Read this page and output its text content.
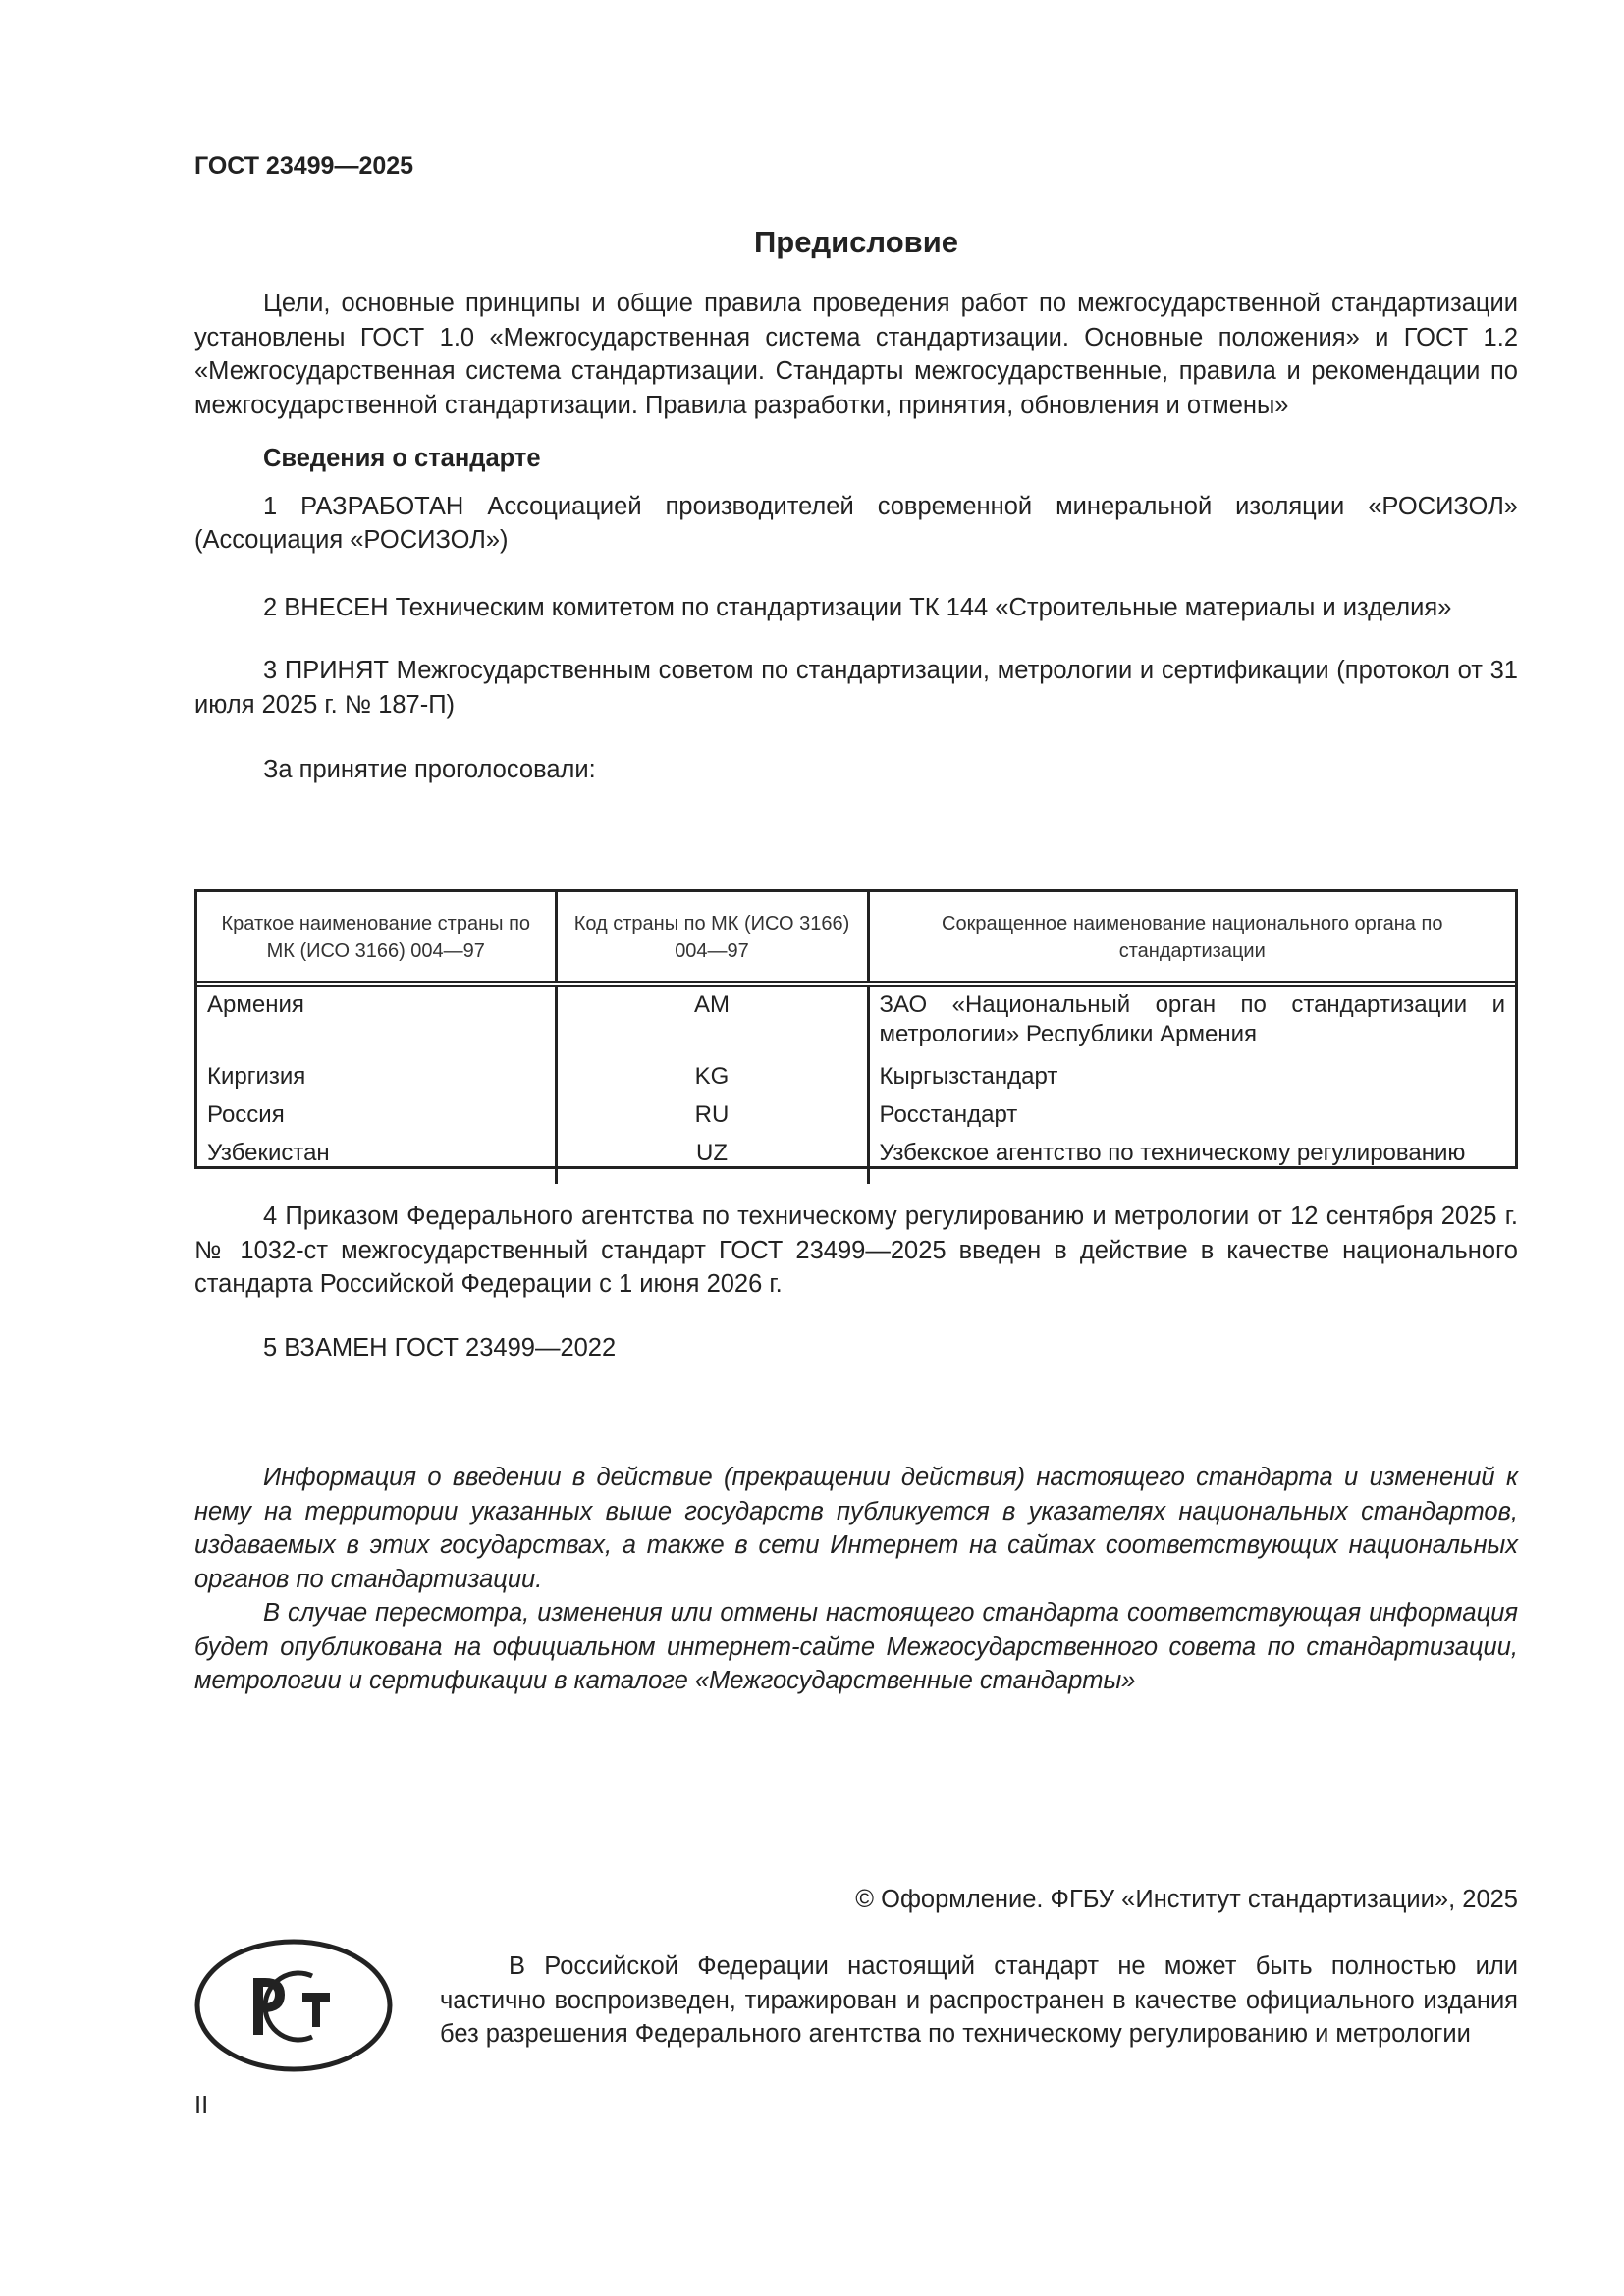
ГОСТ 23499—2025
Предисловие

Цели, основные принципы и общие правила проведения работ по межгосударственной стандартизации установлены ГОСТ 1.0 «Межгосударственная система стандартизации. Основные положения» и ГОСТ 1.2 «Межгосударственная система стандартизации. Стандарты межгосударственные, правила и рекомендации по межгосударственной стандартизации. Правила разработки, принятия, обновления и отмены»

Сведения о стандарте

1 РАЗРАБОТАН Ассоциацией производителей современной минеральной изоляции «РОСИЗОЛ» (Ассоциация «РОСИЗОЛ»)

2 ВНЕСЕН Техническим комитетом по стандартизации ТК 144 «Строительные материалы и изделия»

3 ПРИНЯТ Межгосударственным советом по стандартизации, метрологии и сертификации (протокол от 31 июля 2025 г. № 187-П)

За принятие проголосовали:

Краткое наименование страны по МК (ИСО 3166) 004—97	Код страны по МК (ИСО 3166) 004—97	Сокращенное наименование национального органа по стандартизации
Армения	AM	ЗАО «Национальный орган по стандартизации и метрологии» Республики Армения
Киргизия	KG	Кыргызстандарт
Россия	RU	Росстандарт
Узбекистан	UZ	Узбекское агентство по техническому регулированию

4 Приказом Федерального агентства по техническому регулированию и метрологии от 12 сентября 2025 г. № 1032-ст межгосударственный стандарт ГОСТ 23499—2025 введен в действие в качестве национального стандарта Российской Федерации с 1 июня 2026 г.

5 ВЗАМЕН ГОСТ 23499—2022

Информация о введении в действие (прекращении действия) настоящего стандарта и изменений к нему на территории указанных выше государств публикуется в указателях национальных стандартов, издаваемых в этих государствах, а также в сети Интернет на сайтах соответствующих национальных органов по стандартизации.

В случае пересмотра, изменения или отмены настоящего стандарта соответствующая информация будет опубликована на официальном интернет-сайте Межгосударственного совета по стандартизации, метрологии и сертификации в каталоге «Межгосударственные стандарты»

© Оформление. ФГБУ «Институт стандартизации», 2025

В Российской Федерации настоящий стандарт не может быть полностью или частично воспроизведен, тиражирован и распространен в качестве официального издания без разрешения Федерального агентства по техническому регулированию и метрологии

II
